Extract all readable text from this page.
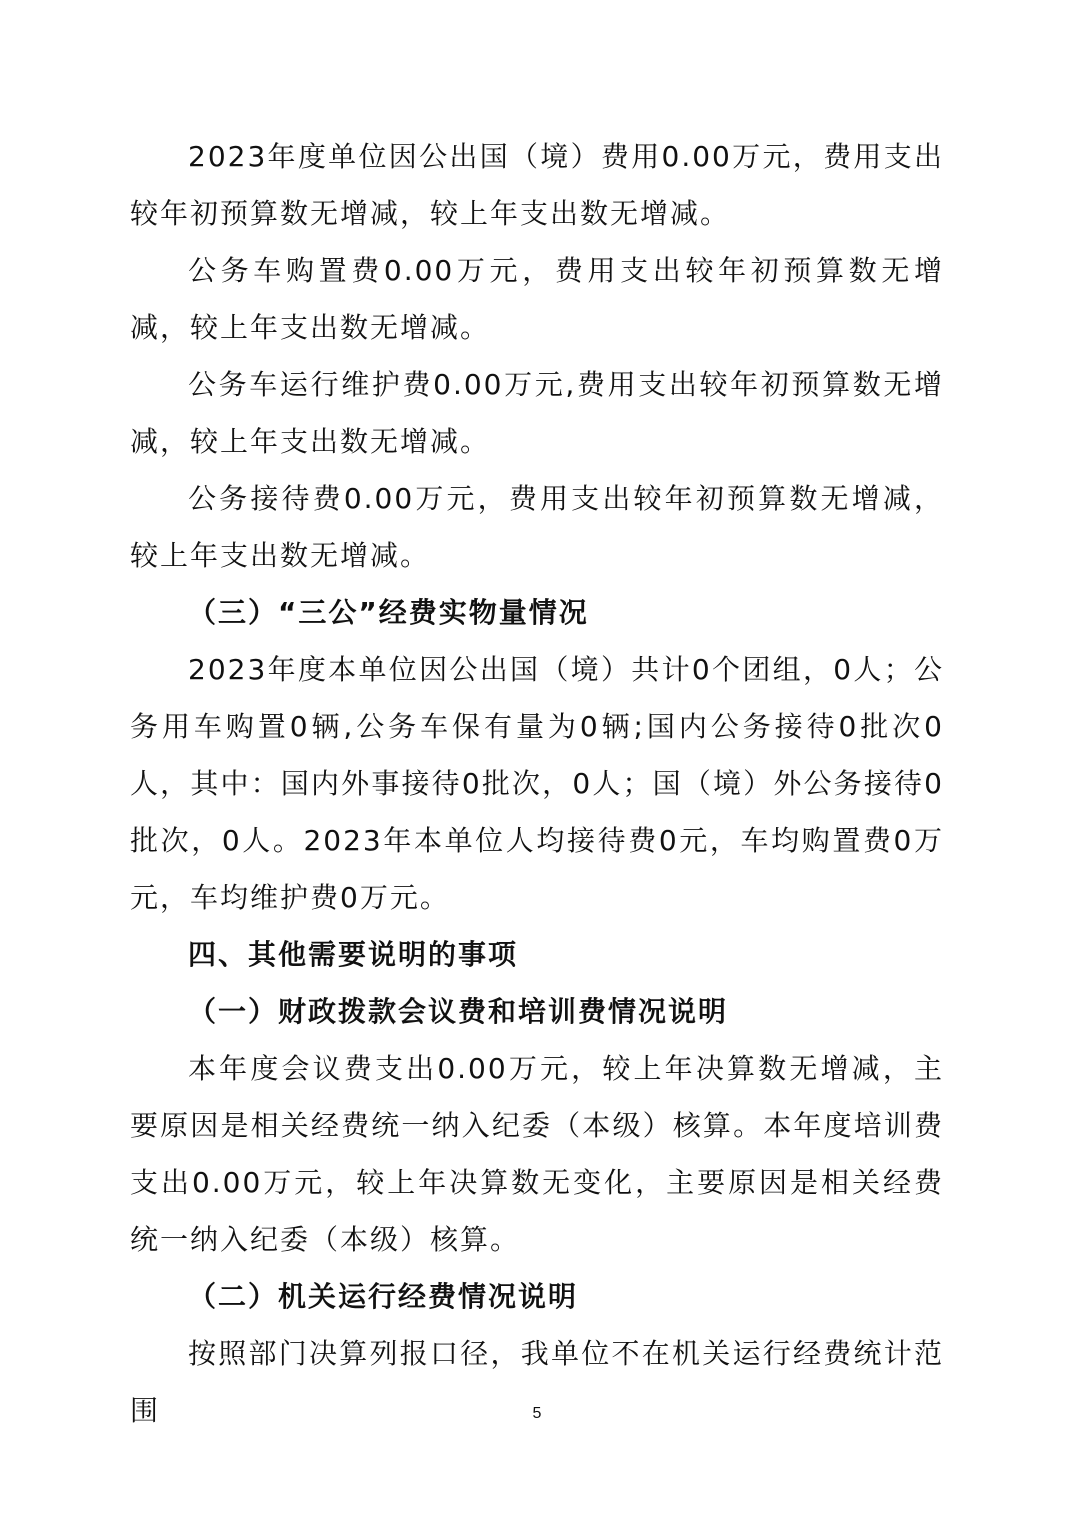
2023年度单位因公出国（境）费用0.00万元，费用支出较年初预算数无增减，较上年支出数无增减。

公务车购置费0.00万元，费用支出较年初预算数无增减，较上年支出数无增减。

公务车运行维护费0.00万元,费用支出较年初预算数无增减，较上年支出数无增减。

公务接待费0.00万元，费用支出较年初预算数无增减，较上年支出数无增减。

（三）“三公”经费实物量情况

2023年度本单位因公出国（境）共计0个团组，0人；公务用车购置0辆,公务车保有量为0辆;国内公务接待0批次0人，其中：国内外事接待0批次，0人；国（境）外公务接待0批次，0人。2023年本单位人均接待费0元，车均购置费0万元，车均维护费0万元。

四、其他需要说明的事项

（一）财政拨款会议费和培训费情况说明

本年度会议费支出0.00万元，较上年决算数无增减，主要原因是相关经费统一纳入纪委（本级）核算。本年度培训费支出0.00万元，较上年决算数无变化，主要原因是相关经费统一纳入纪委（本级）核算。

（二）机关运行经费情况说明

按照部门决算列报口径，我单位不在机关运行经费统计范围	5
